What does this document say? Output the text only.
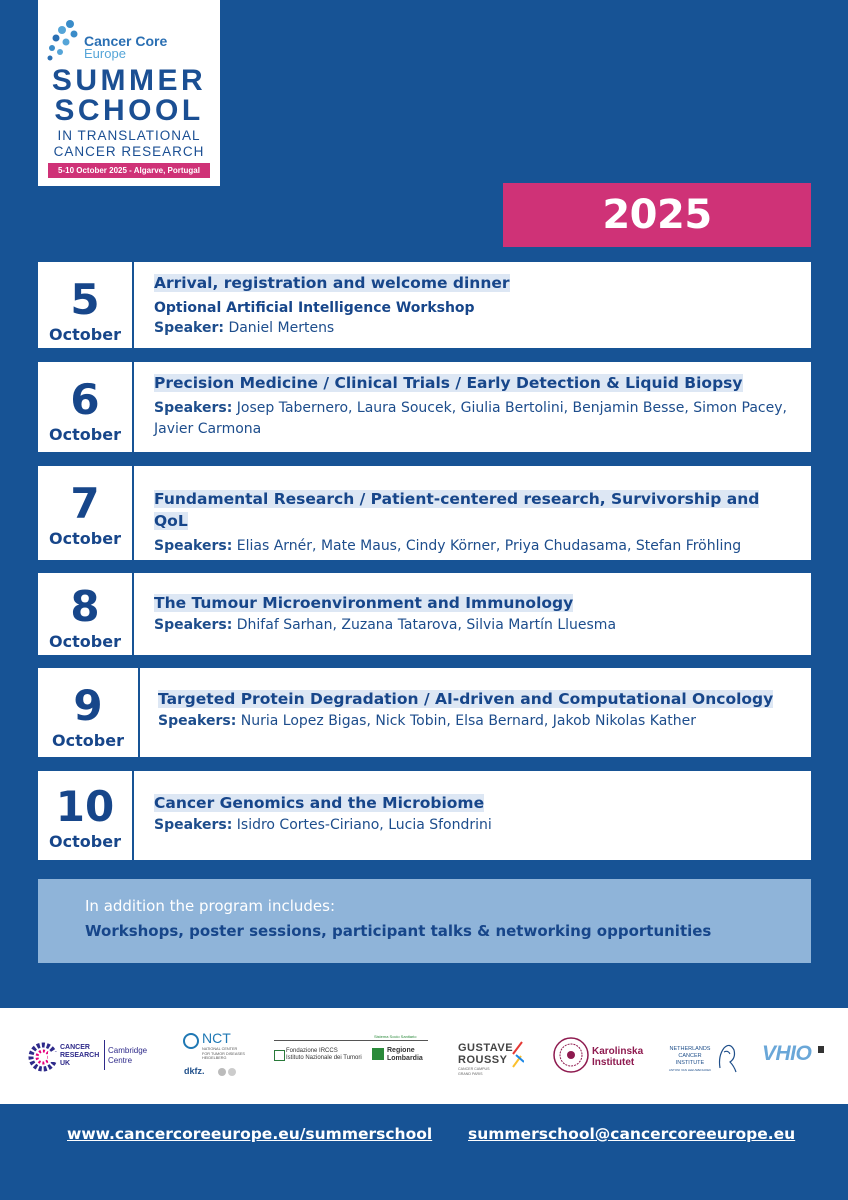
Cancer Core
Europe
SUMMER
SCHOOL
IN TRANSLATIONAL
CANCER RESEARCH
5-10 October 2025 - Algarve, Portugal
2025
5
October
Arrival, registration and welcome dinner
Optional Artificial Intelligence Workshop
Speaker: Daniel Mertens
6
October
Precision Medicine / Clinical Trials / Early Detection & Liquid Biopsy
Speakers: Josep Tabernero, Laura Soucek, Giulia Bertolini, Benjamin Besse, Simon Pacey, Javier Carmona
7
October
Fundamental Research / Patient-centered research, Survivorship and QoL
Speakers: Elias Arnér, Mate Maus, Cindy Körner, Priya Chudasama, Stefan Fröhling
8
October
The Tumour Microenvironment and Immunology
Speakers: Dhifaf Sarhan, Zuzana Tatarova, Silvia Martín Lluesma
9
October
Targeted Protein Degradation / AI-driven and Computational Oncology
Speakers: Nuria Lopez Bigas, Nick Tobin, Elsa Bernard, Jakob Nikolas Kather
10
October
Cancer Genomics and the Microbiome
Speakers: Isidro Cortes-Ciriano, Lucia Sfondrini
In addition the program includes:
Workshops, poster sessions, participant talks & networking opportunities
CANCER
RESEARCH
UK
Cambridge
Centre
NCT
NATIONAL CENTER
FOR TUMOR DISEASES
HEIDELBERG
dkfz.
Fondazione IRCCS
Istituto Nazionale dei Tumori
Sistema Socio Sanitario
Regione
Lombardia
GUSTAVE
ROUSSY
CANCER CAMPUS
GRAND PARIS
Karolinska
Institutet
NETHERLANDS
CANCER
INSTITUTE
ANTONI VAN LEEUWENHOEK
VHIO
www.cancercoreeurope.eu/summerschool summerschool@cancercoreeurope.eu
